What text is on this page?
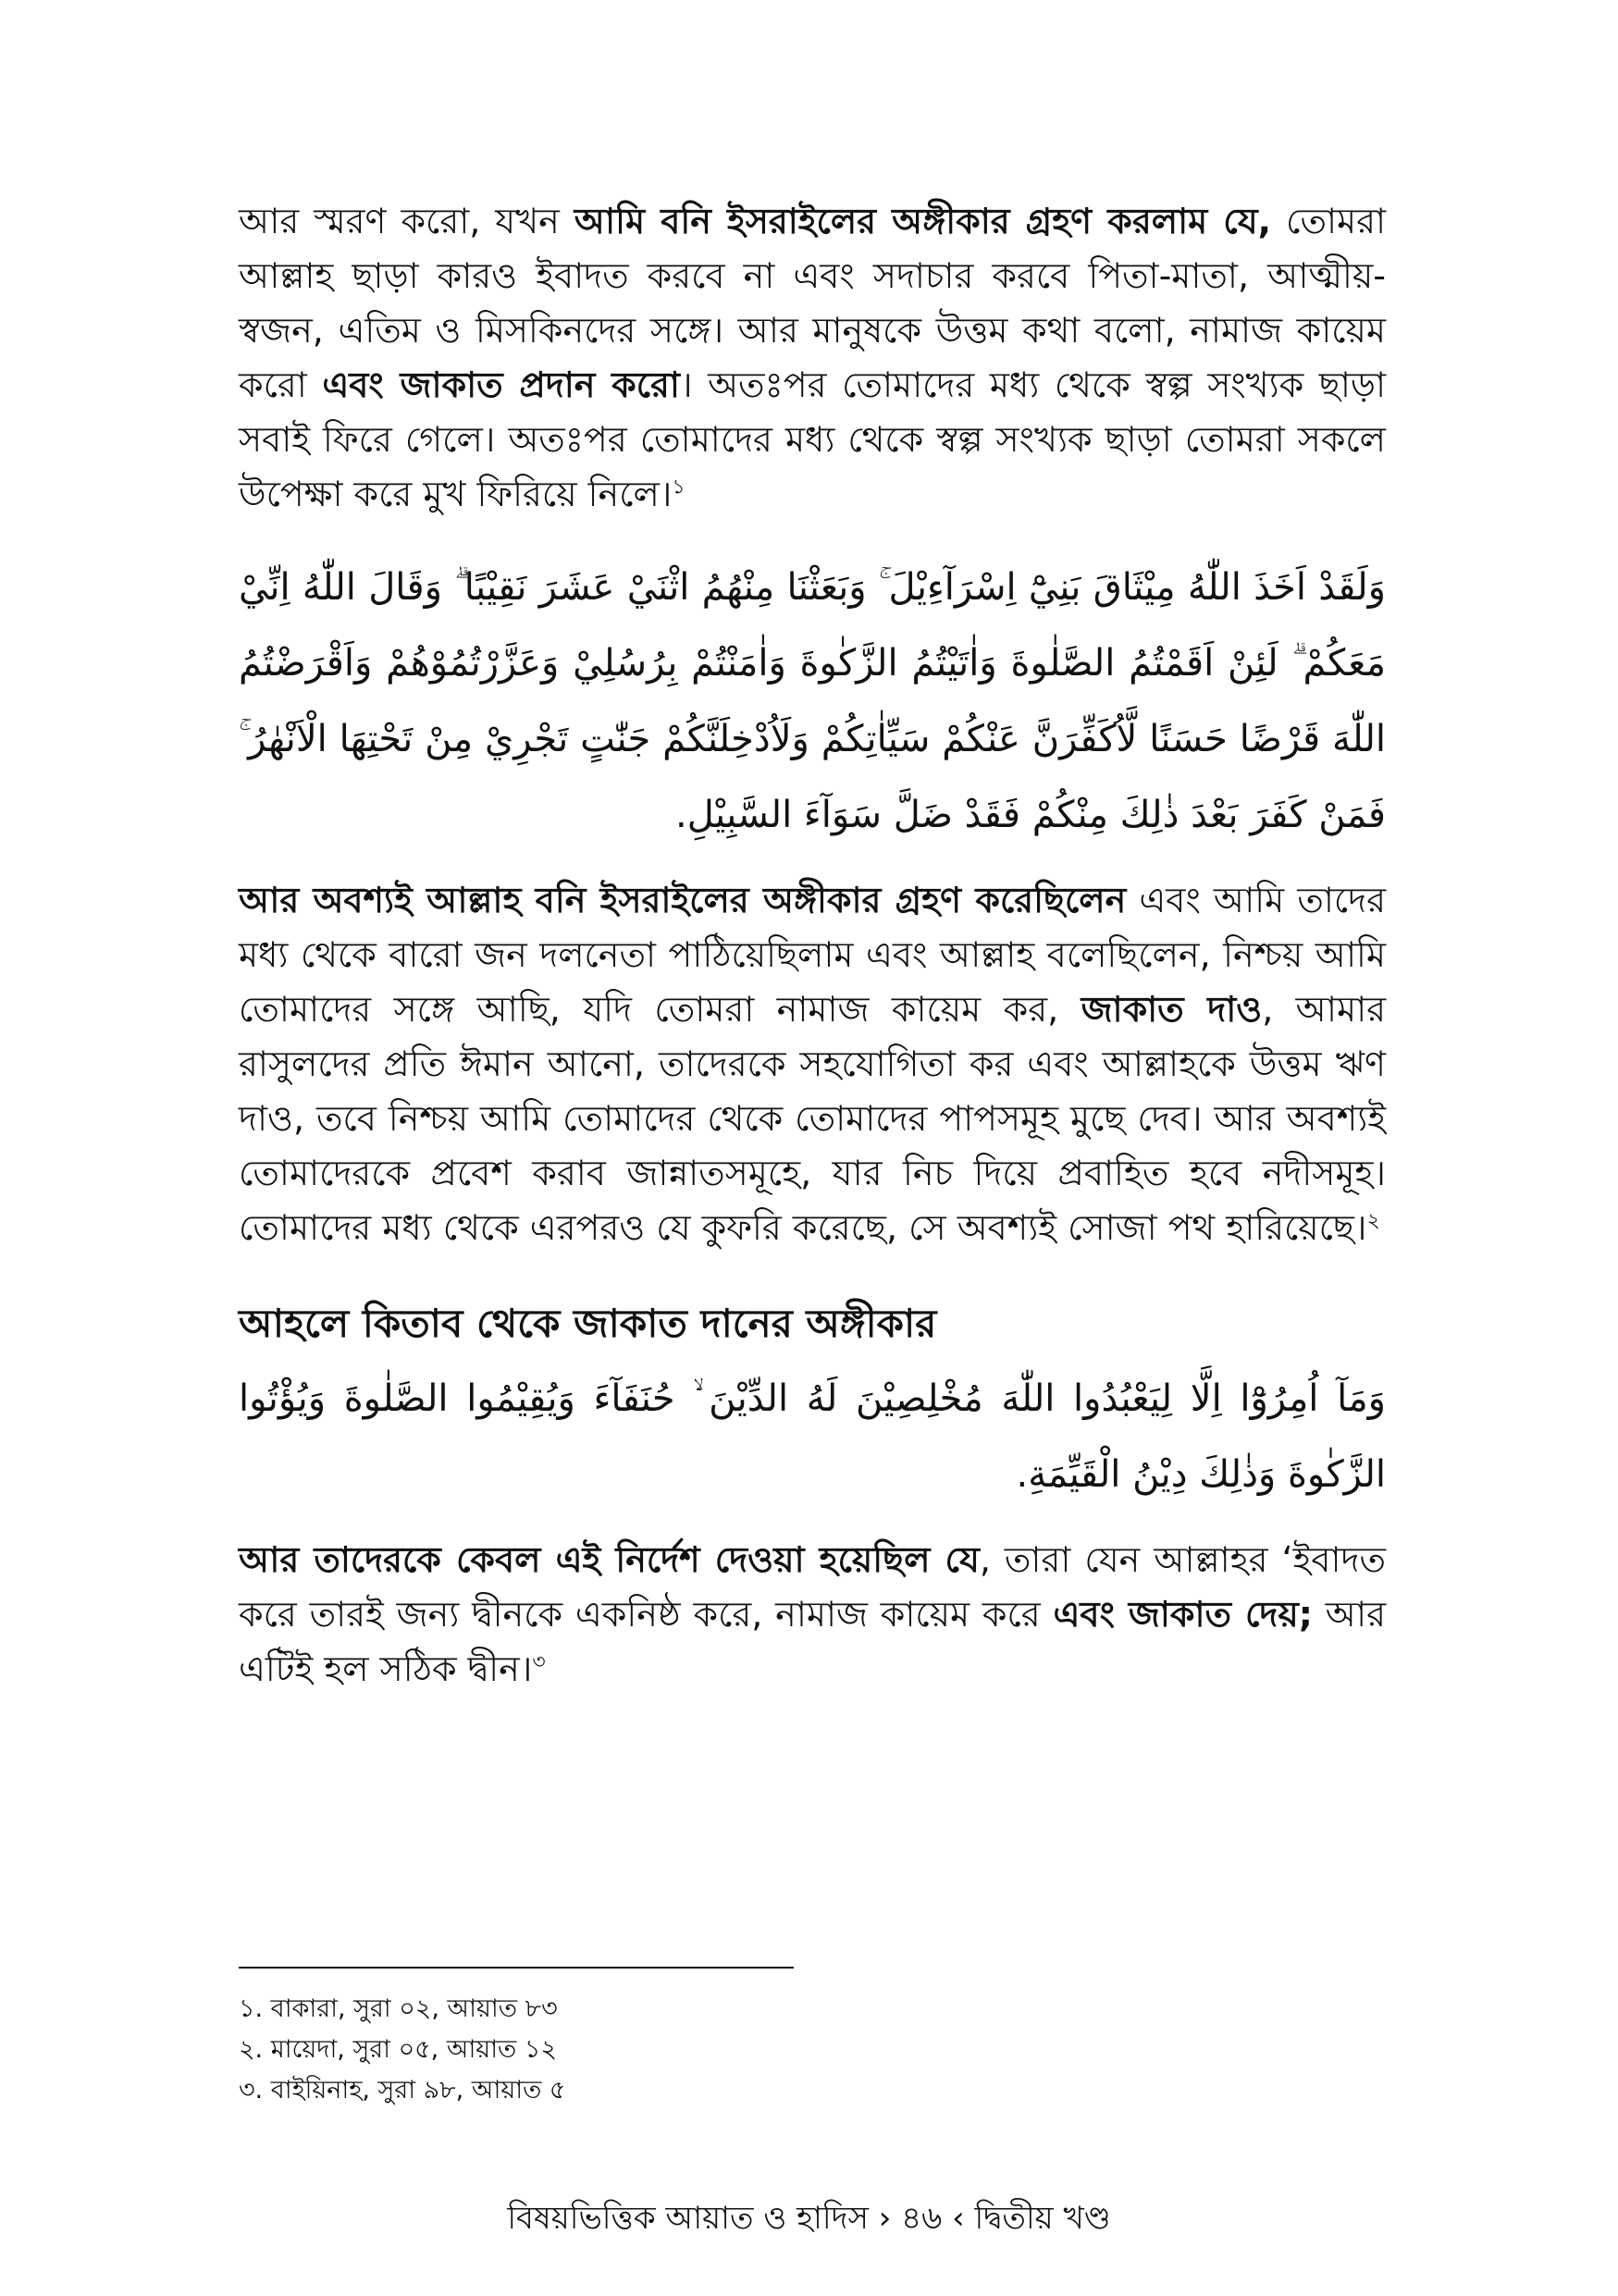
আর স্মরণ করো, যখন আমি বনি ইসরাইলের অঙ্গীকার গ্রহণ করলাম যে, তোমরা আল্লাহ ছাড়া কারও ইবাদত করবে না এবং সদাচার করবে পিতা-মাতা, আত্মীয়-স্বজন, এতিম ও মিসকিনদের সঙ্গে। আর মানুষকে উত্তম কথা বলো, নামাজ কায়েম করো এবং জাকাত প্রদান করো। অতঃপর তোমাদের মধ্য থেকে স্বল্প সংখ্যক ছাড়া সবাই ফিরে গেলে। অতঃপর তোমাদের মধ্য থেকে স্বল্প সংখ্যক ছাড়া তোমরা সকলে উপেক্ষা করে মুখ ফিরিয়ে নিলে।$^১$

وَلَقَدْ اَخَذَ اللّٰهُ مِيْثَاقَ بَنِيْٓ اِسْرَآءِيْلَ ۚ وَبَعَثْنَا مِنْهُمُ اثْنَيْ عَشَرَ نَقِيْبًا ۗ وَقَالَ اللّٰهُ اِنِّيْ مَعَكُمْ ۗ لَئِنْ اَقَمْتُمُ الصَّلٰوةَ وَاٰتَيْتُمُ الزَّكٰوةَ وَاٰمَنْتُمْ بِرُسُلِيْ وَعَزَّرْتُمُوْهُمْ وَاَقْرَضْتُمُ اللّٰهَ قَرْضًا حَسَنًا لَّاُكَفِّرَنَّ عَنْكُمْ سَيِّاٰتِكُمْ وَلَاُدْخِلَنَّكُمْ جَنّٰتٍ تَجْرِيْ مِنْ تَحْتِهَا الْاَنْهٰرُ ۚ فَمَنْ كَفَرَ بَعْدَ ذٰلِكَ مِنْكُمْ فَقَدْ ضَلَّ سَوَآءَ السَّبِيْلِ.

আর অবশ্যই আল্লাহ বনি ইসরাইলের অঙ্গীকার গ্রহণ করেছিলেন এবং আমি তাদের মধ্য থেকে বারো জন দলনেতা পাঠিয়েছিলাম এবং আল্লাহ বলেছিলেন, নিশ্চয় আমি তোমাদের সঙ্গে আছি, যদি তোমরা নামাজ কায়েম কর, জাকাত দাও, আমার রাসুলদের প্রতি ঈমান আনো, তাদেরকে সহযোগিতা কর এবং আল্লাহকে উত্তম ঋণ দাও, তবে নিশ্চয় আমি তোমাদের থেকে তোমাদের পাপসমূহ মুছে দেব। আর অবশ্যই তোমাদেরকে প্রবেশ করাব জান্নাতসমূহে, যার নিচ দিয়ে প্রবাহিত হবে নদীসমূহ। তোমাদের মধ্য থেকে এরপরও যে কুফরি করেছে, সে অবশ্যই সোজা পথ হারিয়েছে।$^২$

আহলে কিতাব থেকে জাকাত দানের অঙ্গীকার

وَمَآ اُمِرُوْٓا اِلَّا لِيَعْبُدُوا اللّٰهَ مُخْلِصِيْنَ لَهُ الدِّيْنَ ۙ حُنَفَآءَ وَيُقِيْمُوا الصَّلٰوةَ وَيُؤْتُوا الزَّكٰوةَ وَذٰلِكَ دِيْنُ الْقَيِّمَةِ.

আর তাদেরকে কেবল এই নির্দেশ দেওয়া হয়েছিল যে, তারা যেন আল্লাহর ‘ইবাদত করে তারই জন্য দ্বীনকে একনিষ্ঠ করে, নামাজ কায়েম করে এবং জাকাত দেয়; আর এটিই হল সঠিক দ্বীন।$^৩$

১. বাকারা, সুরা ০২, আয়াত ৮৩
২. মায়েদা, সুরা ০৫, আয়াত ১২
৩. বাইয়িনাহ, সুরা ৯৮, আয়াত ৫
বিষয়ভিত্তিক আয়াত ও হাদিস › ৪৬ ‹ দ্বিতীয় খণ্ড
